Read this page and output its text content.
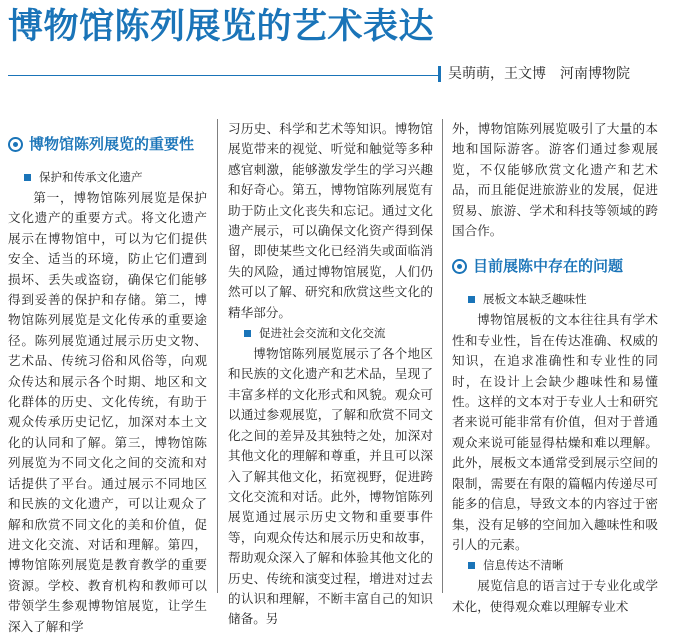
博物馆陈列展览的艺术表达
吴萌萌，王文博 河南博物院
博物馆陈列展览的重要性
保护和传承文化遗产

第一，博物馆陈列展览是保护文化遗产的重要方式。将文化遗产展示在博物馆中，可以为它们提供安全、适当的环境，防止它们遭到损坏、丢失或盗窃，确保它们能够得到妥善的保护和存储。第二，博物馆陈列展览是文化传承的重要途径。陈列展览通过展示历史文物、艺术品、传统习俗和风俗等，向观众传达和展示各个时期、地区和文化群体的历史、文化传统，有助于观众传承历史记忆，加深对本土文化的认同和了解。第三，博物馆陈列展览为不同文化之间的交流和对话提供了平台。通过展示不同地区和民族的文化遗产，可以让观众了解和欣赏不同文化的美和价值，促进文化交流、对话和理解。第四，博物馆陈列展览是教育教学的重要资源。学校、教育机构和教师可以带领学生参观博物馆展览，让学生深入了解和学

习历史、科学和艺术等知识。博物馆展览带来的视觉、听觉和触觉等多种感官刺激，能够激发学生的学习兴趣和好奇心。第五，博物馆陈列展览有助于防止文化丧失和忘记。通过文化遗产展示，可以确保文化资产得到保留，即使某些文化已经消失或面临消失的风险，通过博物馆展览，人们仍然可以了解、研究和欣赏这些文化的精华部分。

促进社会交流和文化交流

博物馆陈列展览展示了各个地区和民族的文化遗产和艺术品，呈现了丰富多样的文化形式和风貌。观众可以通过参观展览，了解和欣赏不同文化之间的差异及其独特之处，加深对其他文化的理解和尊重，并且可以深入了解其他文化，拓宽视野，促进跨文化交流和对话。此外，博物馆陈列展览通过展示历史文物和重要事件等，向观众传达和展示历史和故事，帮助观众深入了解和体验其他文化的历史、传统和演变过程，增进对过去的认识和理解，不断丰富自己的知识储备。另

外，博物馆陈列展览吸引了大量的本地和国际游客。游客们通过参观展览，不仅能够欣赏文化遗产和艺术品，而且能促进旅游业的发展，促进贸易、旅游、学术和科技等领域的跨国合作。

目前展陈中存在的问题
展板文本缺乏趣味性

博物馆展板的文本往往具有学术性和专业性，旨在传达准确、权威的知识，在追求准确性和专业性的同时，在设计上会缺少趣味性和易懂性。这样的文本对于专业人士和研究者来说可能非常有价值，但对于普通观众来说可能显得枯燥和难以理解。此外，展板文本通常受到展示空间的限制，需要在有限的篇幅内传递尽可能多的信息，导致文本的内容过于密集，没有足够的空间加入趣味性和吸引人的元素。

信息传达不清晰

展览信息的语言过于专业化或学术化，使得观众难以理解专业术
